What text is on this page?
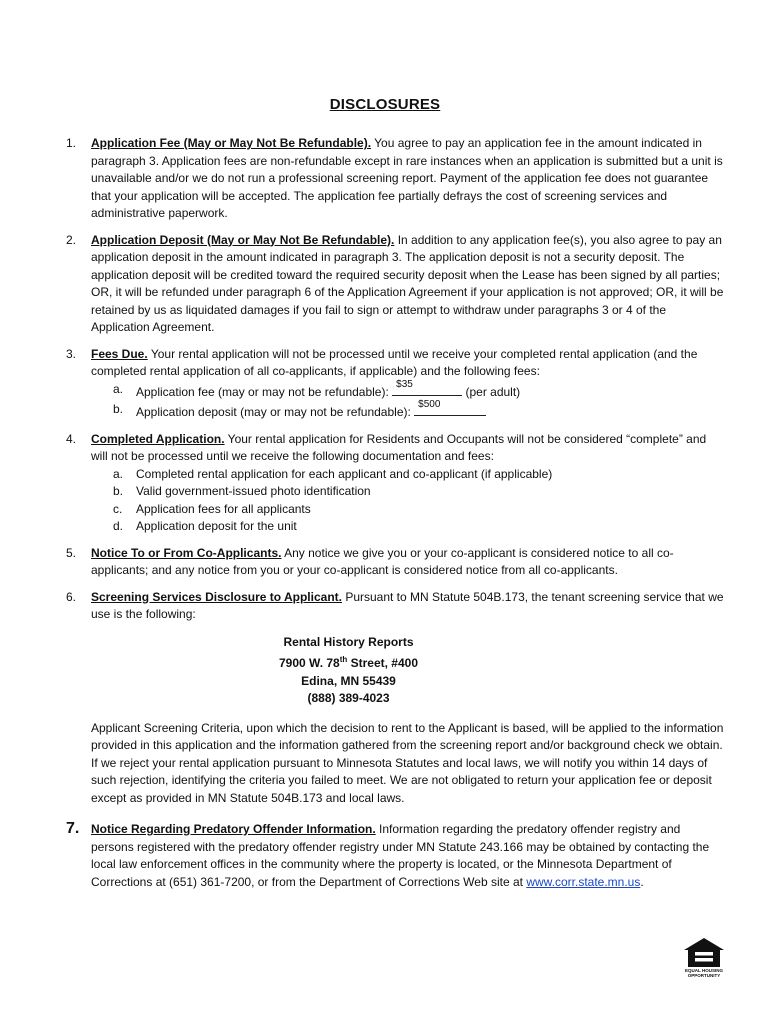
DISCLOSURES
1. Application Fee (May or May Not Be Refundable). You agree to pay an application fee in the amount indicated in paragraph 3. Application fees are non-refundable except in rare instances when an application is submitted but a unit is unavailable and/or we do not run a professional screening report. Payment of the application fee does not guarantee that your application will be accepted. The application fee partially defrays the cost of screening services and administrative paperwork.
2. Application Deposit (May or May Not Be Refundable). In addition to any application fee(s), you also agree to pay an application deposit in the amount indicated in paragraph 3. The application deposit is not a security deposit. The application deposit will be credited toward the required security deposit when the Lease has been signed by all parties; OR, it will be refunded under paragraph 6 of the Application Agreement if your application is not approved; OR, it will be retained by us as liquidated damages if you fail to sign or attempt to withdraw under paragraphs 3 or 4 of the Application Agreement.
3. Fees Due. Your rental application will not be processed until we receive your completed rental application (and the completed rental application of all co-applicants, if applicable) and the following fees:
a. Application fee (may or may not be refundable):
$35
(per adult)
b. Application deposit (may or may not be refundable):
$500
4. Completed Application. Your rental application for Residents and Occupants will not be considered “complete” and will not be processed until we receive the following documentation and fees:
a. Completed rental application for each applicant and co-applicant (if applicable)
b. Valid government-issued photo identification
c. Application fees for all applicants
d. Application deposit for the unit
5. Notice To or From Co-Applicants. Any notice we give you or your co-applicant is considered notice to all co-applicants; and any notice from you or your co-applicant is considered notice from all co-applicants.
6. Screening Services Disclosure to Applicant. Pursuant to MN Statute 504B.173, the tenant screening service that we use is the following:
Rental History Reports
7900 W. 78th Street, #400
Edina, MN 55439
(888) 389-4023
Applicant Screening Criteria, upon which the decision to rent to the Applicant is based, will be applied to the information provided in this application and the information gathered from the screening report and/or background check we obtain. If we reject your rental application pursuant to Minnesota Statutes and local laws, we will notify you within 14 days of such rejection, identifying the criteria you failed to meet. We are not obligated to return your application fee or deposit except as provided in MN Statute 504B.173 and local laws.
7. Notice Regarding Predatory Offender Information. Information regarding the predatory offender registry and persons registered with the predatory offender registry under MN Statute 243.166 may be obtained by contacting the local law enforcement offices in the community where the property is located, or the Minnesota Department of Corrections at (651) 361-7200, or from the Department of Corrections Web site at www.corr.state.mn.us.
EQUAL HOUSING
OPPORTUNITY
